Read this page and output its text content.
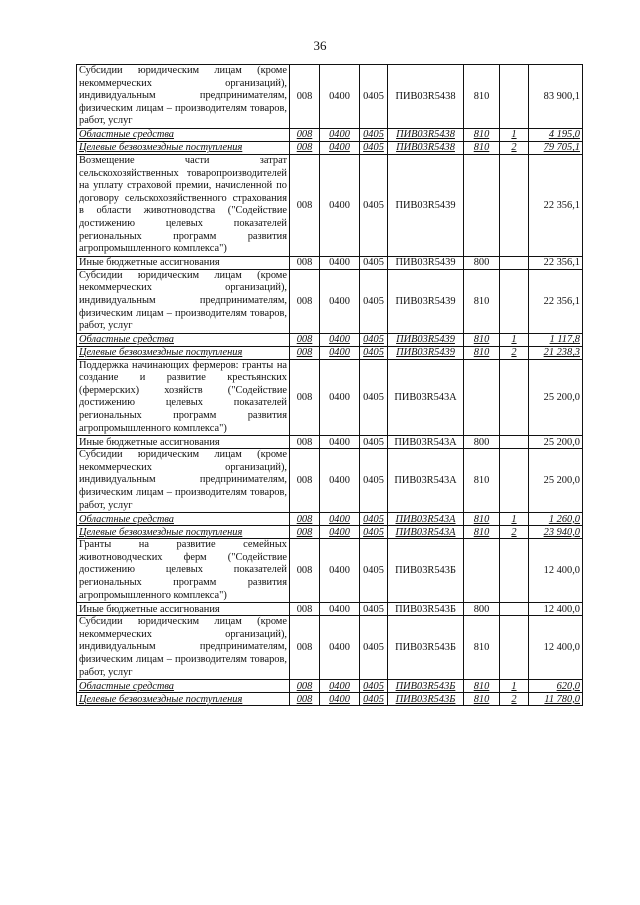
36
Субсидии юридическим лицам (кроме некоммерческих организаций), индивидуальным предпринимателям, физическим лицам – производителям товаров, работ, услуг	008	0400	0405	ПИВ03R5438	810		83 900,1
Областные средства	008	0400	0405	ПИВ03R5438	810	1	4 195,0
Целевые безвозмездные поступления	008	0400	0405	ПИВ03R5438	810	2	79 705,1
Возмещение части затрат сельскохозяйственных товаропроизводителей на уплату страховой премии, начисленной по договору сельскохозяйственного страхования в области животноводства ("Содействие достижению целевых показателей региональных программ развития агропромышленного комплекса")	008	0400	0405	ПИВ03R5439			22 356,1
Иные бюджетные ассигнования	008	0400	0405	ПИВ03R5439	800		22 356,1
Субсидии юридическим лицам (кроме некоммерческих организаций), индивидуальным предпринимателям, физическим лицам – производителям товаров, работ, услуг	008	0400	0405	ПИВ03R5439	810		22 356,1
Областные средства	008	0400	0405	ПИВ03R5439	810	1	1 117,8
Целевые безвозмездные поступления	008	0400	0405	ПИВ03R5439	810	2	21 238,3
Поддержка начинающих фермеров: гранты на создание и развитие крестьянских (фермерских) хозяйств ("Содействие достижению целевых показателей региональных программ развития агропромышленного комплекса")	008	0400	0405	ПИВ03R543А			25 200,0
Иные бюджетные ассигнования	008	0400	0405	ПИВ03R543А	800		25 200,0
Субсидии юридическим лицам (кроме некоммерческих организаций), индивидуальным предпринимателям, физическим лицам – производителям товаров, работ, услуг	008	0400	0405	ПИВ03R543А	810		25 200,0
Областные средства	008	0400	0405	ПИВ03R543А	810	1	1 260,0
Целевые безвозмездные поступления	008	0400	0405	ПИВ03R543А	810	2	23 940,0
Гранты на развитие семейных животноводческих ферм ("Содействие достижению целевых показателей региональных программ развития агропромышленного комплекса")	008	0400	0405	ПИВ03R543Б			12 400,0
Иные бюджетные ассигнования	008	0400	0405	ПИВ03R543Б	800		12 400,0
Субсидии юридическим лицам (кроме некоммерческих организаций), индивидуальным предпринимателям, физическим лицам – производителям товаров, работ, услуг	008	0400	0405	ПИВ03R543Б	810		12 400,0
Областные средства	008	0400	0405	ПИВ03R543Б	810	1	620,0
Целевые безвозмездные поступления	008	0400	0405	ПИВ03R543Б	810	2	11 780,0
